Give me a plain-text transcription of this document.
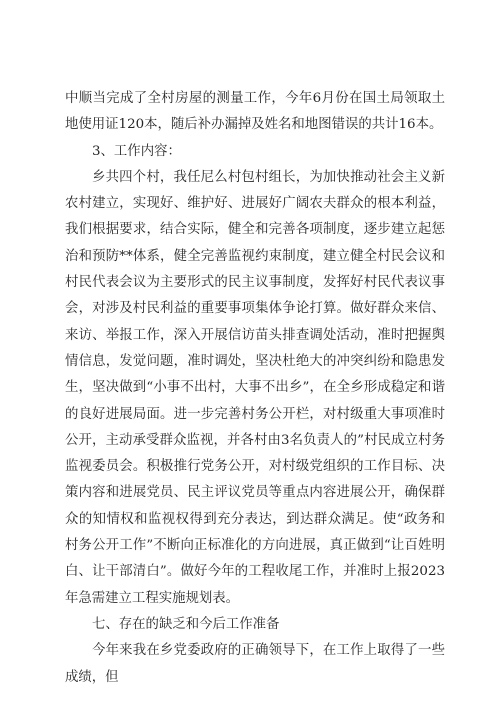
中顺当完成了全村房屋的测量工作，今年6月份在国土局领取土地使用证120本，随后补办漏掉及姓名和地图错误的共计16本。

3、工作内容：

乡共四个村，我任尼么村包村组长，为加快推动社会主义新农村建立，实现好、维护好、进展好广阔农夫群众的根本利益，我们根据要求，结合实际，健全和完善各项制度，逐步建立起惩治和预防**体系，健全完善监视约束制度，建立健全村民会议和村民代表会议为主要形式的民主议事制度，发挥好村民代表议事会，对涉及村民利益的重要事项集体争论打算。做好群众来信、来访、举报工作，深入开展信访苗头排查调处活动，准时把握舆情信息，发觉问题，准时调处，坚决杜绝大的冲突纠纷和隐患发生，坚决做到“小事不出村，大事不出乡”，在全乡形成稳定和谐的良好进展局面。进一步完善村务公开栏，对村级重大事项准时公开，主动承受群众监视，并各村由3名负责人的”村民成立村务监视委员会。积极推行党务公开，对村级党组织的工作目标、决策内容和进展党员、民主评议党员等重点内容进展公开，确保群众的知情权和监视权得到充分表达，到达群众满足。使“政务和村务公开工作”不断向正标准化的方向进展，真正做到“让百姓明白、让干部清白”。做好今年的工程收尾工作，并准时上报2023年急需建立工程实施规划表。

七、存在的缺乏和今后工作准备

今年来我在乡党委政府的正确领导下，在工作上取得了一些成绩，但
